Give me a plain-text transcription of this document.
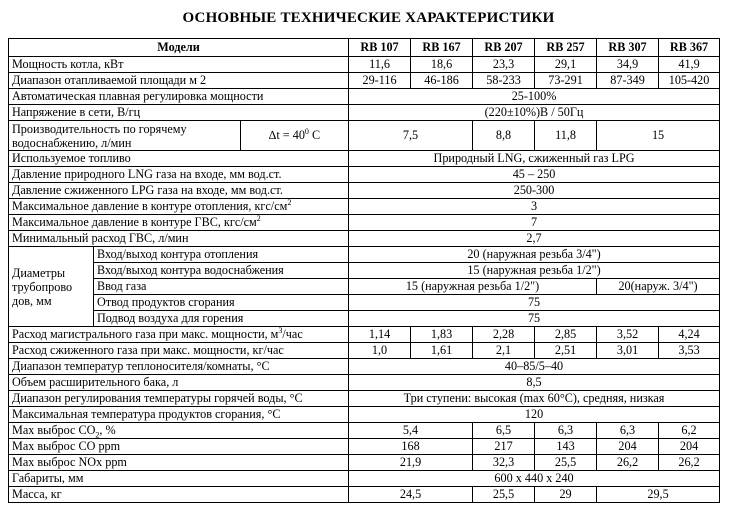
ОСНОВНЫЕ ТЕХНИЧЕСКИЕ ХАРАКТЕРИСТИКИ
Модели			RB 107	RB 167	RB 207	RB 257	RB 307	RB 367
Мощность котла, кВт			11,6	18,6	23,3	29,1	34,9	41,9
Диапазон отапливаемой площади м 2			29-116	46-186	58-233	73-291	87-349	105-420
Автоматическая плавная регулировка мощности			25-100%					
Напряжение в сети, В/гц			(220±10%)В / 50Гц					
Производительность по горячему
водоснабжению, л/мин		$\Delta t = 40^0$ С	7,5		8,8	11,8	15	
Используемое топливо			Природный LNG, сжиженный газ LPG					
Давление природного LNG газа на входе, мм вод.ст.			45 – 250					
Давление сжиженного LPG газа на входе, мм вод.ст.			250-300					
Максимальное давление в контуре отопления, кгс/$см^2$			3					
Максимальное давление в контуре ГВС, кгс/$см^2$			7					
Минимальный расход ГВС, л/мин			2,7					
Диаметры
трубопрово
дов, мм	Вход/выход контура отопления		20 (наружная резьба 3/4")					
	Вход/выход контура водоснабжения		15 (наружная резьба 1/2")					
	Ввод газа		15 (наружная резьба 1/2")				20(наруж. 3/4")	
	Отвод продуктов сгорания		75					
	Подвод воздуха для горения		75					
Расход магистрального газа при макс. мощности, $м^3$/час			1,14	1,83	2,28	2,85	3,52	4,24
Расход сжиженного газа при макс. мощности, кг/час			1,0	1,61	2,1	2,51	3,01	3,53
Диапазон температур теплоносителя/комнаты, °С			40–85/5–40					
Объем расширительного бака, л			8,5					
Диапазон регулирования температуры горячей воды, °С			Три ступени: высокая (max 60°C), средняя, низкая					
Максимальная температура продуктов сгорания, °С			120					
Max выброс $СО_2$, %			5,4		6,5	6,3	6,3	6,2
Max выброс СО ppm			168		217	143	204	204
Max выброс NOx ppm			21,9		32,3	25,5	26,2	26,2
Габариты, мм			600 x 440 x 240					
Масса, кг			24,5		25,5	29	29,5	
